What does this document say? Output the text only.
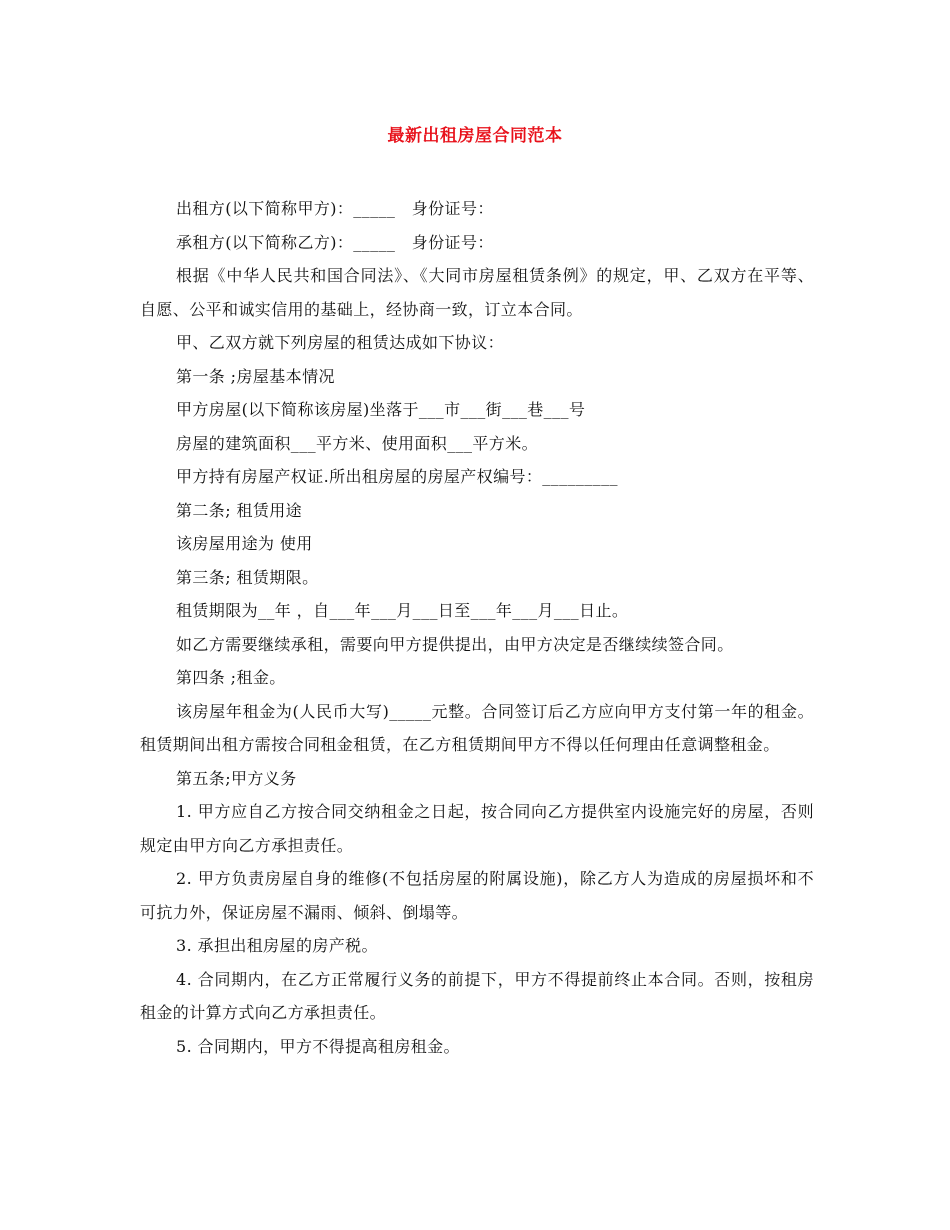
最新出租房屋合同范本

出租方(以下简称甲方)：_____   身份证号：

承租方(以下简称乙方)：_____   身份证号：

根据《中华人民共和国合同法》、《大同市房屋租赁条例》的规定，甲、乙双方在平等、自愿、公平和诚实信用的基础上，经协商一致，订立本合同。

甲、乙双方就下列房屋的租赁达成如下协议：

第一条 ;房屋基本情况

甲方房屋(以下简称该房屋)坐落于___市___街___巷___号

房屋的建筑面积___平方米、使用面积___平方米。

甲方持有房屋产权证.所出租房屋的房屋产权编号：_________

第二条; 租赁用途

该房屋用途为 使用

第三条; 租赁期限。

租赁期限为__年 ，自___年___月___日至___年___月___日止。

如乙方需要继续承租，需要向甲方提供提出，由甲方决定是否继续续签合同。

第四条 ;租金。

该房屋年租金为(人民币大写)_____元整。合同签订后乙方应向甲方支付第一年的租金。租赁期间出租方需按合同租金租赁，在乙方租赁期间甲方不得以任何理由任意调整租金。

第五条;甲方义务

1. 甲方应自乙方按合同交纳租金之日起，按合同向乙方提供室内设施完好的房屋，否则规定由甲方向乙方承担责任。

2. 甲方负责房屋自身的维修(不包括房屋的附属设施)，除乙方人为造成的房屋损坏和不可抗力外，保证房屋不漏雨、倾斜、倒塌等。

3. 承担出租房屋的房产税。

4. 合同期内，在乙方正常履行义务的前提下，甲方不得提前终止本合同。否则，按租房租金的计算方式向乙方承担责任。

5. 合同期内，甲方不得提高租房租金。
